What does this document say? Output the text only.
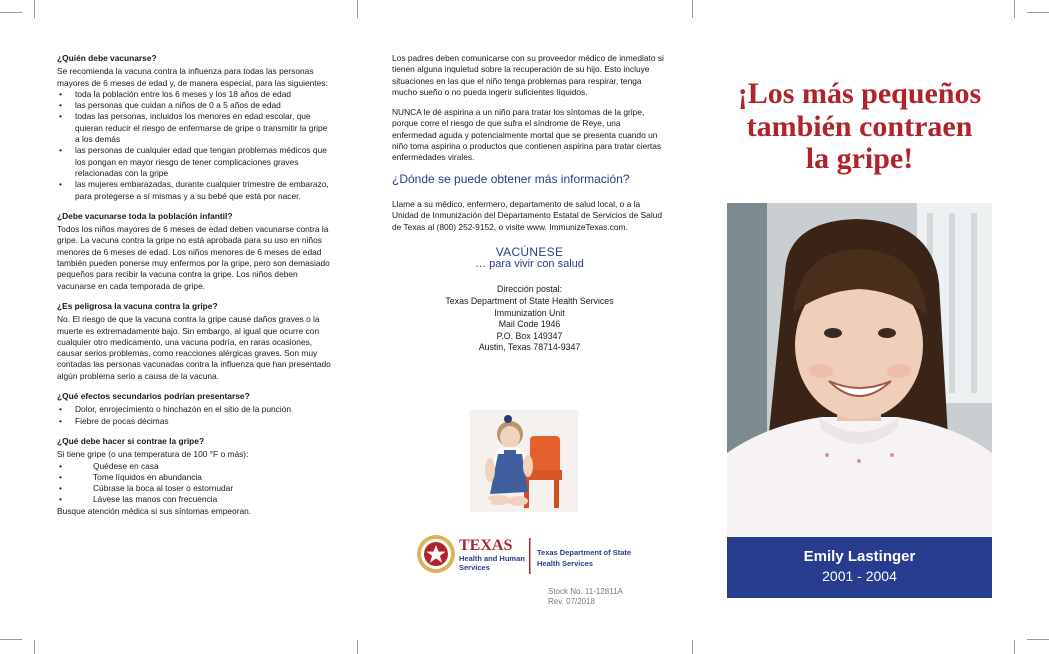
¿Quién debe vacunarse?
Se recomienda la vacuna contra la influenza para todas las personas mayores de 6 meses de edad y, de manera especial, para las siguientes:
• toda la población entre los 6 meses y los 18 años de edad
• las personas que cuidan a niños de 0 a 5 años de edad
• todas las personas, incluidos los menores en edad escolar, que quieran reducir el riesgo de enfermarse de gripe o transmitir la gripe a los demás
• las personas de cualquier edad que tengan problemas médicos que los pongan en mayor riesgo de tener complicaciones graves relacionadas con la gripe
• las mujeres embarazadas, durante cualquier trimestre de embarazo, para protegerse a sí mismas y a su bebé que está por nacer.
¿Debe vacunarse toda la población infantil?
Todos los niños mayores de 6 meses de edad deben vacunarse contra la gripe. La vacuna contra la gripe no está aprobada para su uso en niños menores de 6 meses de edad. Los niños menores de 6 meses de edad también pueden ponerse muy enfermos por la gripe, pero son demasiado pequeños para recibir la vacuna contra la gripe. Los niños deben vacunarse en cada temporada de gripe.
¿Es peligrosa la vacuna contra la gripe?
No. El riesgo de que la vacuna contra la gripe cause daños graves o la muerte es extremadamente bajo. Sin embargo, al igual que ocurre con cualquier otro medicamento, una vacuna podría, en raras ocasiones, causar serios problemas, como reacciones alérgicas graves. Son muy contadas las personas vacunadas contra la influenza que han presentado algún problema serio a causa de la vacuna.
¿Qué efectos secundarios podrían presentarse?
• Dolor, enrojecimiento o hinchazón en el sitio de la punción
• Fiebre de pocas décimas
¿Qué debe hacer si contrae la gripe?
Si tiene gripe (o una temperatura de 100 °F o más):
• Quédese en casa
• Tome líquidos en abundancia
• Cúbrase la boca al toser o estornudar
• Lávese las manos con frecuencia
Busque atención médica si sus síntomas empeoran.
Los padres deben comunicarse con su proveedor médico de inmediato si tienen alguna inquietud sobre la recuperación de su hijo. Esto incluye situaciones en las que el niño tenga problemas para respirar, tenga mucho sueño o no pueda ingerir suficientes líquidos.
NUNCA le dé aspirina a un niño para tratar los síntomas de la gripe, porque corre el riesgo de que sufra el síndrome de Reye, una enfermedad aguda y potencialmente mortal que se presenta cuando un niño toma aspirina o productos que contienen aspirina para tratar ciertas enfermedades virales.
¿Dónde se puede obtener más información?
Llame a su médico, enfermero, departamento de salud local, o a la Unidad de Inmunización del Departamento Estatal de Servicios de Salud de Texas al (800) 252-9152, o visite www. ImmunizeTexas.com.
VACÚNESE
… para vivir con salud
Dirección postal:
Texas Department of State Health Services
Immunization Unit
Mail Code 1946
P.O. Box 149347
Austin, Texas 78714-9347
TEXAS
Health and Human
Services
Texas Department of State
Health Services
Stock No. 11-12811A
Rev. 07/2018
¡Los más pequeños
también contraen
la gripe!
Emily Lastinger
2001 - 2004
